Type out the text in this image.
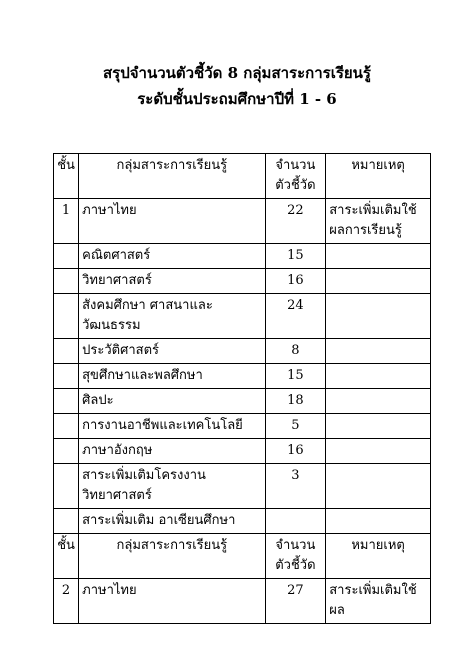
สรุปจำนวนตัวชี้วัด 8 กลุ่มสาระการเรียนรู้
ระดับชั้นประถมศึกษาปีที่ 1 - 6
ชั้น	กลุ่มสาระการเรียนรู้	จำนวนตัวชี้วัด	หมายเหตุ
1	ภาษาไทย	22	สาระเพิ่มเติมใช้ผลการเรียนรู้
	คณิตศาสตร์	15	
	วิทยาศาสตร์	16	
	สังคมศึกษา ศาสนาและวัฒนธรรม	24	
	ประวัติศาสตร์	8	
	สุขศึกษาและพลศึกษา	15	
	ศิลปะ	18	
	การงานอาชีพและเทคโนโลยี	5	
	ภาษาอังกฤษ	16	
	สาระเพิ่มเติมโครงงานวิทยาศาสตร์	3	
	สาระเพิ่มเติม อาเซียนศึกษา		
ชั้น	กลุ่มสาระการเรียนรู้	จำนวนตัวชี้วัด	หมายเหตุ
2	ภาษาไทย	27	สาระเพิ่มเติมใช้ผล
